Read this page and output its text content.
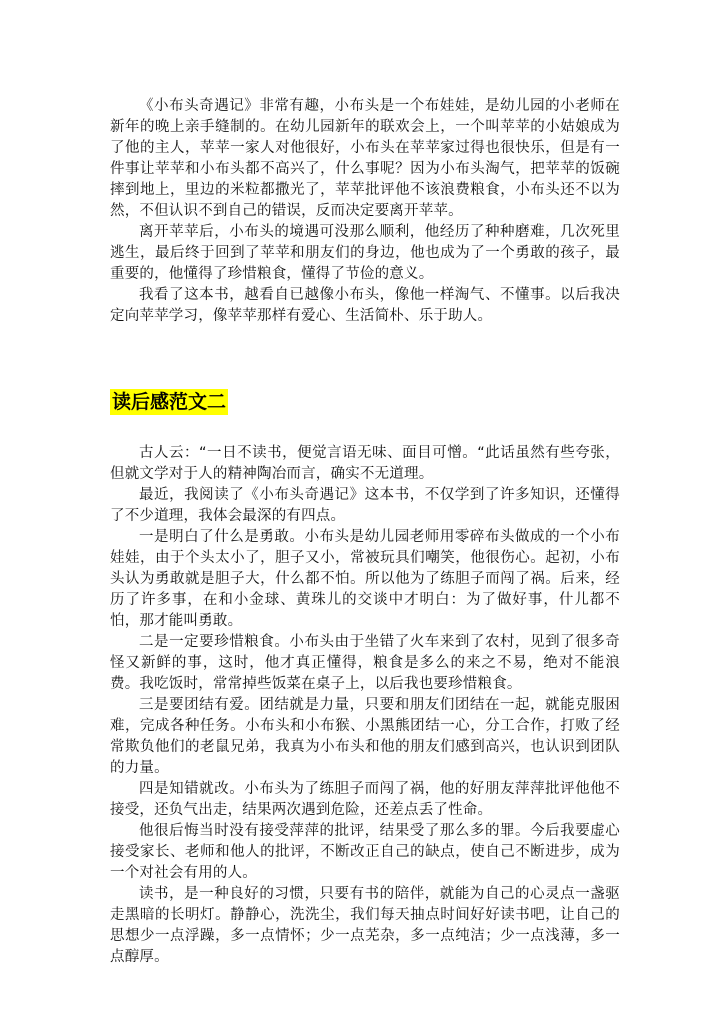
《小布头奇遇记》非常有趣，小布头是一个布娃娃，是幼儿园的小老师在新年的晚上亲手缝制的。在幼儿园新年的联欢会上，一个叫苹苹的小姑娘成为了他的主人，苹苹一家人对他很好，小布头在苹苹家过得也很快乐，但是有一件事让苹苹和小布头都不高兴了，什么事呢？因为小布头淘气，把苹苹的饭碗摔到地上，里边的米粒都撒光了，苹苹批评他不该浪费粮食，小布头还不以为然，不但认识不到自己的错误，反而决定要离开苹苹。

离开苹苹后，小布头的境遇可没那么顺利，他经历了种种磨难，几次死里逃生，最后终于回到了苹苹和朋友们的身边，他也成为了一个勇敢的孩子，最重要的，他懂得了珍惜粮食，懂得了节俭的意义。

我看了这本书，越看自已越像小布头，像他一样淘气、不懂事。以后我决定向苹苹学习，像苹苹那样有爱心、生活简朴、乐于助人。

读后感范文二

古人云：“一日不读书，便觉言语无味、面目可憎。“此话虽然有些夸张，但就文学对于人的精神陶冶而言，确实不无道理。

最近，我阅读了《小布头奇遇记》这本书，不仅学到了许多知识，还懂得了不少道理，我体会最深的有四点。

一是明白了什么是勇敢。小布头是幼儿园老师用零碎布头做成的一个小布娃娃，由于个头太小了，胆子又小，常被玩具们嘲笑，他很伤心。起初，小布头认为勇敢就是胆子大，什么都不怕。所以他为了练胆子而闯了祸。后来，经历了许多事，在和小金球、黄珠儿的交谈中才明白：为了做好事，什儿都不怕，那才能叫勇敢。

二是一定要珍惜粮食。小布头由于坐错了火车来到了农村，见到了很多奇怪又新鲜的事，这时，他才真正懂得，粮食是多么的来之不易，绝对不能浪费。我吃饭时，常常掉些饭菜在桌子上，以后我也要珍惜粮食。

三是要团结有爱。团结就是力量，只要和朋友们团结在一起，就能克服困难，完成各种任务。小布头和小布猴、小黑熊团结一心，分工合作，打败了经常欺负他们的老鼠兄弟，我真为小布头和他的朋友们感到高兴，也认识到团队的力量。

四是知错就改。小布头为了练胆子而闯了祸，他的好朋友萍萍批评他他不接受，还负气出走，结果两次遇到危险，还差点丢了性命。

他很后悔当时没有接受萍萍的批评，结果受了那么多的罪。今后我要虚心接受家长、老师和他人的批评，不断改正自己的缺点，使自己不断进步，成为一个对社会有用的人。

读书，是一种良好的习惯，只要有书的陪伴，就能为自己的心灵点一盏驱走黑暗的长明灯。静静心，洗洗尘，我们每天抽点时间好好读书吧，让自己的思想少一点浮躁，多一点情怀；少一点芜杂，多一点纯洁；少一点浅薄，多一点醇厚。
